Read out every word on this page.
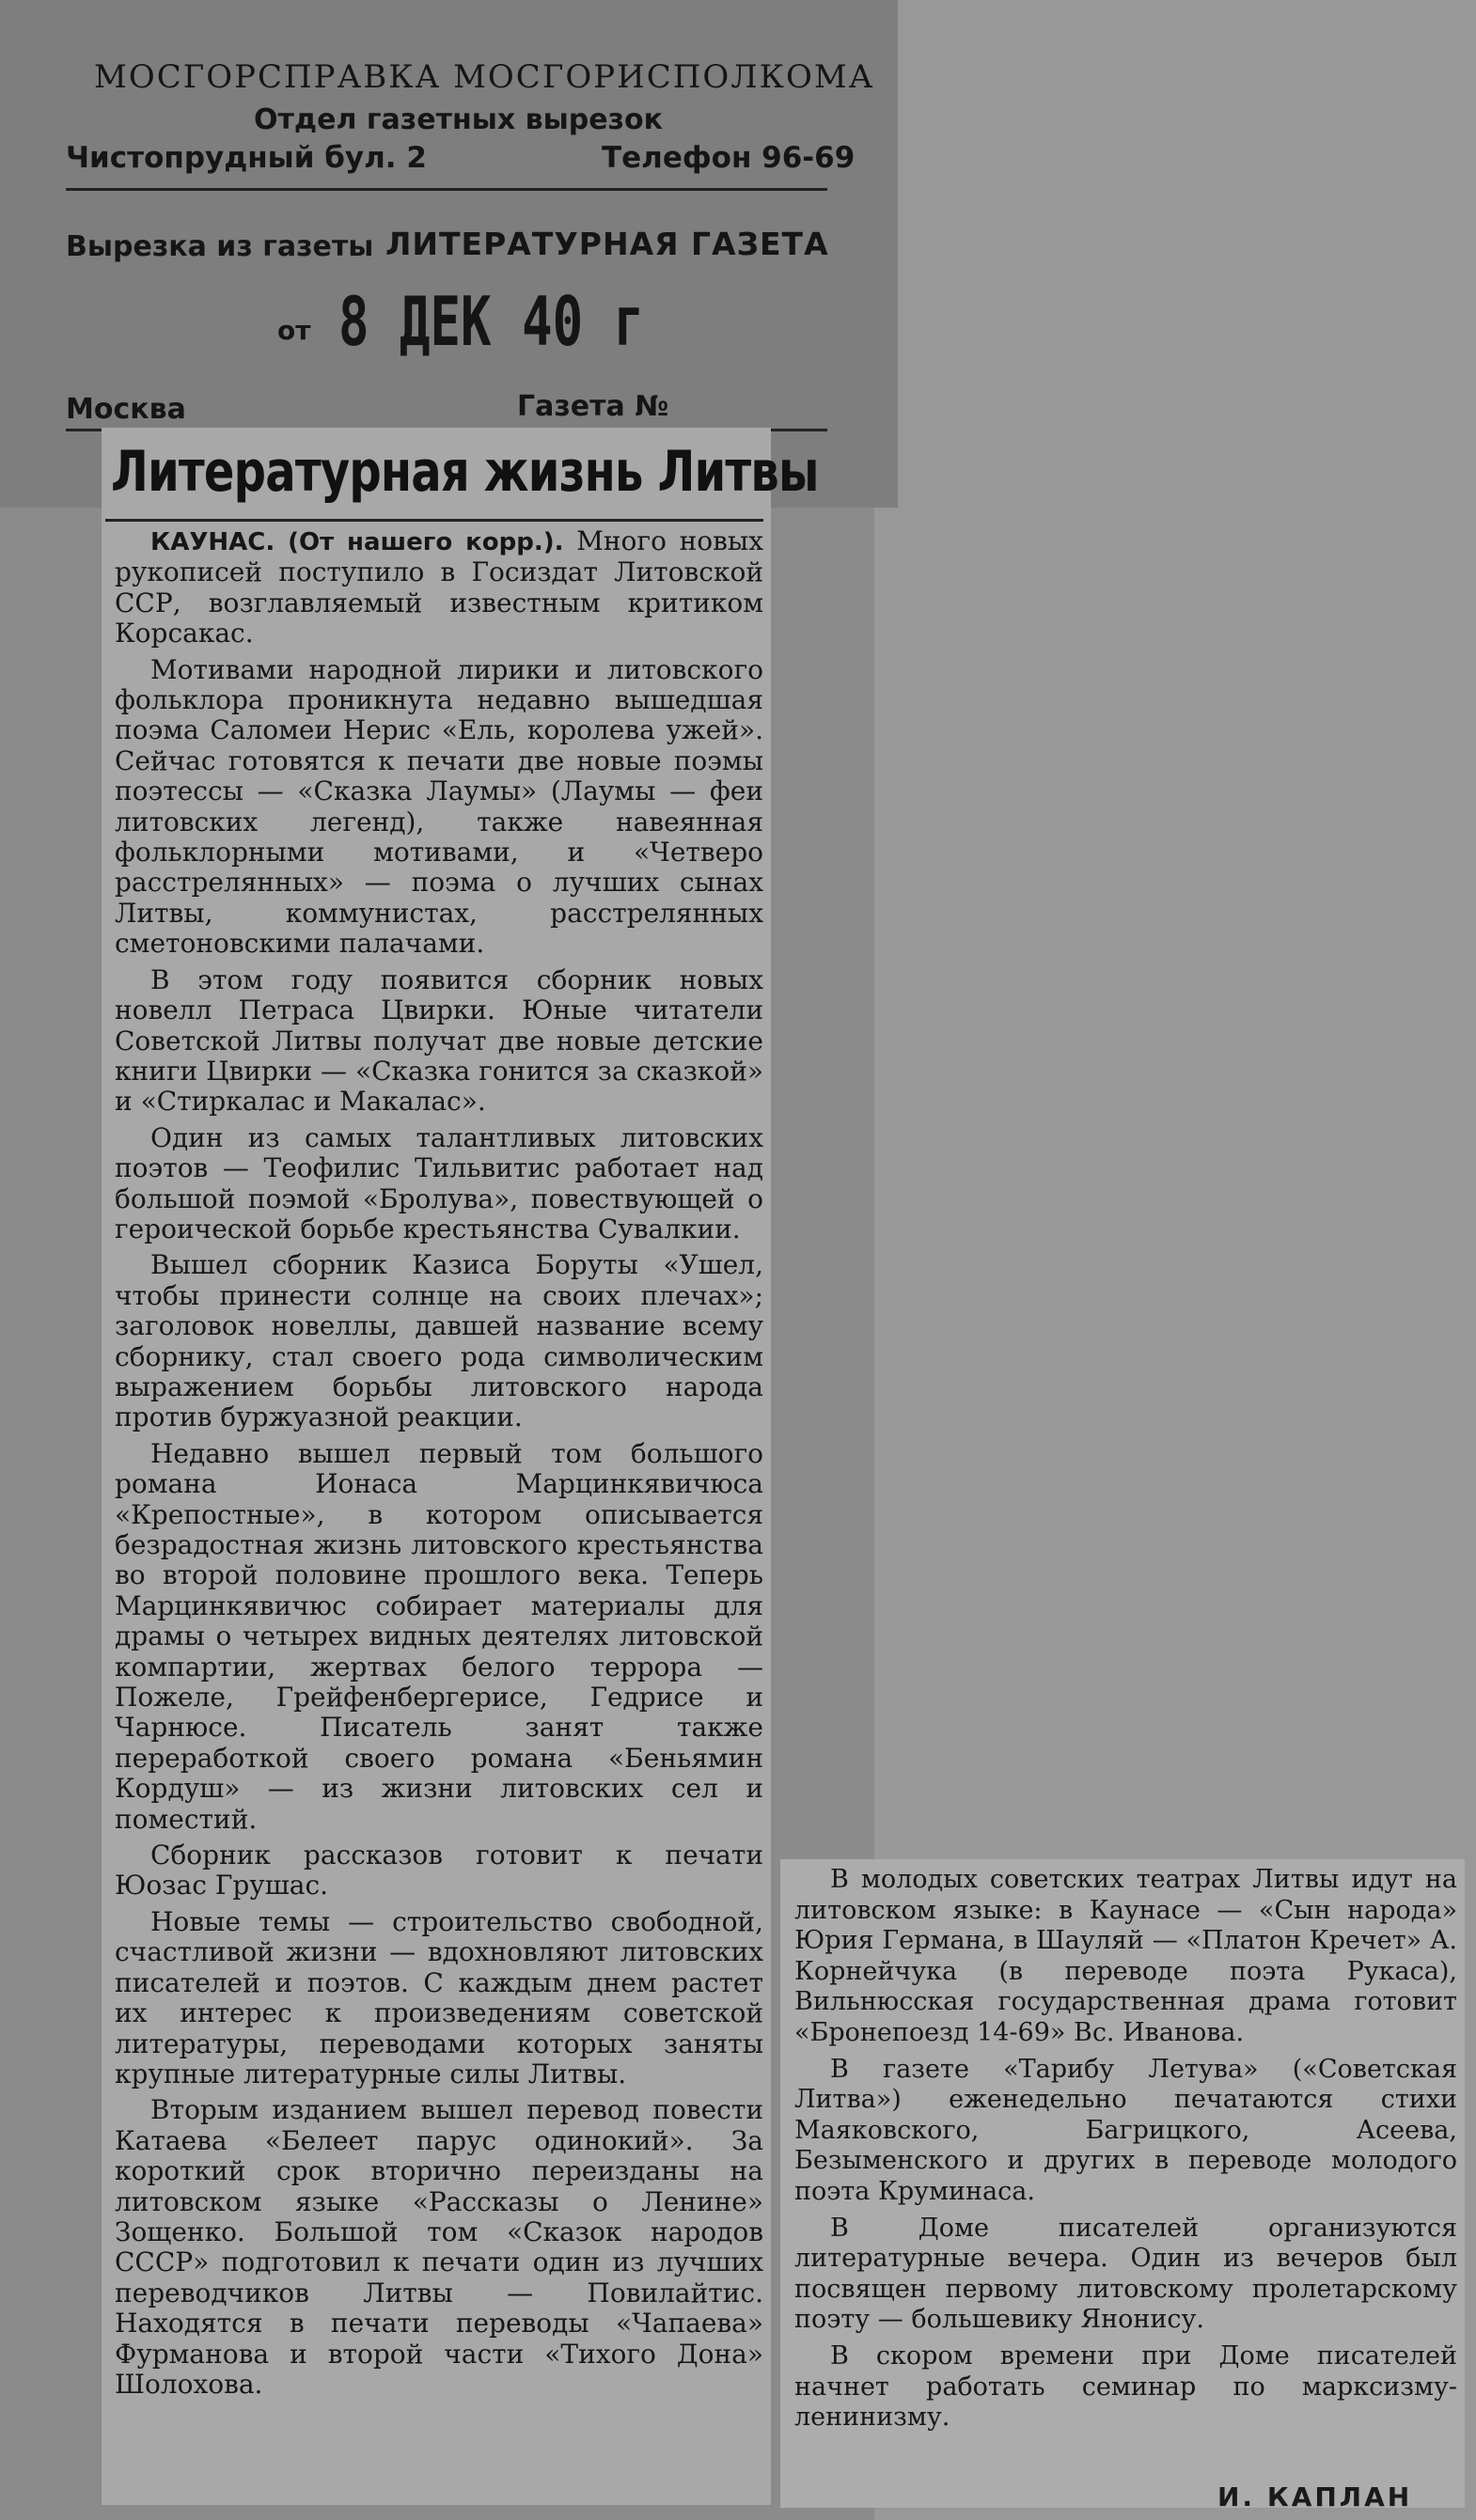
МОСГОРСПРАВКА МОСГОРИСПОЛКОМА
Отдел газетных вырезок
Чистопрудный бул. 2	Телефон 96-69
Вырезка из газеты ЛИТЕРАТУРНАЯ ГАЗЕТА
от 8 ДЕК 40 г
Москва	Газета №
Литературная жизнь Литвы

КАУНАС. (От нашего корр.). Много новых рукописей поступило в Госиздат Литовской ССР, возглавляемый известным критиком Корсакас.

Мотивами народной лирики и литовского фольклора проникнута недавно вышедшая поэма Саломеи Нерис «Ель, королева ужей». Сейчас готовятся к печати две новые поэмы поэтессы — «Сказка Лаумы» (Лаумы — феи литовских легенд), также навеянная фольклорными мотивами, и «Четверо расстрелянных» — поэма о лучших сынах Литвы, коммунистах, расстрелянных сметоновскими палачами.

В этом году появится сборник новых новелл Петраса Цвирки. Юные читатели Советской Литвы получат две новые детские книги Цвирки — «Сказка гонится за сказкой» и «Стиркалас и Макалас».

Один из самых талантливых литовских поэтов — Теофилис Тильвитис работает над большой поэмой «Бролува», повествующей о героической борьбе крестьянства Сувалкии.

Вышел сборник Казиса Боруты «Ушел, чтобы принести солнце на своих плечах»; заголовок новеллы, давшей название всему сборнику, стал своего рода символическим выражением борьбы литовского народа против буржуазной реакции.

Недавно вышел первый том большого романа Ионаса Марцинкявичюса «Крепостные», в котором описывается безрадостная жизнь литовского крестьянства во второй половине прошлого века. Теперь Марцинкявичюс собирает материалы для драмы о четырех видных деятелях литовской компартии, жертвах белого террора — Пожеле, Грейфенбергерисе, Гедрисе и Чарнюсе. Писатель занят также переработкой своего романа «Беньямин Кордуш» — из жизни литовских сел и поместий.

Сборник рассказов готовит к печати Юозас Грушас.

Новые темы — строительство свободной, счастливой жизни — вдохновляют литовских писателей и поэтов. С каждым днем растет их интерес к произведениям советской литературы, переводами которых заняты крупные литературные силы Литвы.

Вторым изданием вышел перевод повести Катаева «Белеет парус одинокий». За короткий срок вторично переизданы на литовском языке «Рассказы о Ленине» Зощенко. Большой том «Сказок народов СССР» подготовил к печати один из лучших переводчиков Литвы — Повилайтис. Находятся в печати переводы «Чапаева» Фурманова и второй части «Тихого Дона» Шолохова.

В молодых советских театрах Литвы идут на литовском языке: в Каунасе — «Сын народа» Юрия Германа, в Шауляй — «Платон Кречет» А. Корнейчука (в переводе поэта Рукаса), Вильнюсская государственная драма готовит «Бронепоезд 14-69» Вс. Иванова.

В газете «Тарибу Летува» («Советская Литва») еженедельно печатаются стихи Маяковского, Багрицкого, Асеева, Безыменского и других в переводе молодого поэта Круминаса.

В Доме писателей организуются литературные вечера. Один из вечеров был посвящен первому литовскому пролетарскому поэту — большевику Янонису.

В скором времени при Доме писателей начнет работать семинар по марксизму-ленинизму.

И. КАПЛАН
